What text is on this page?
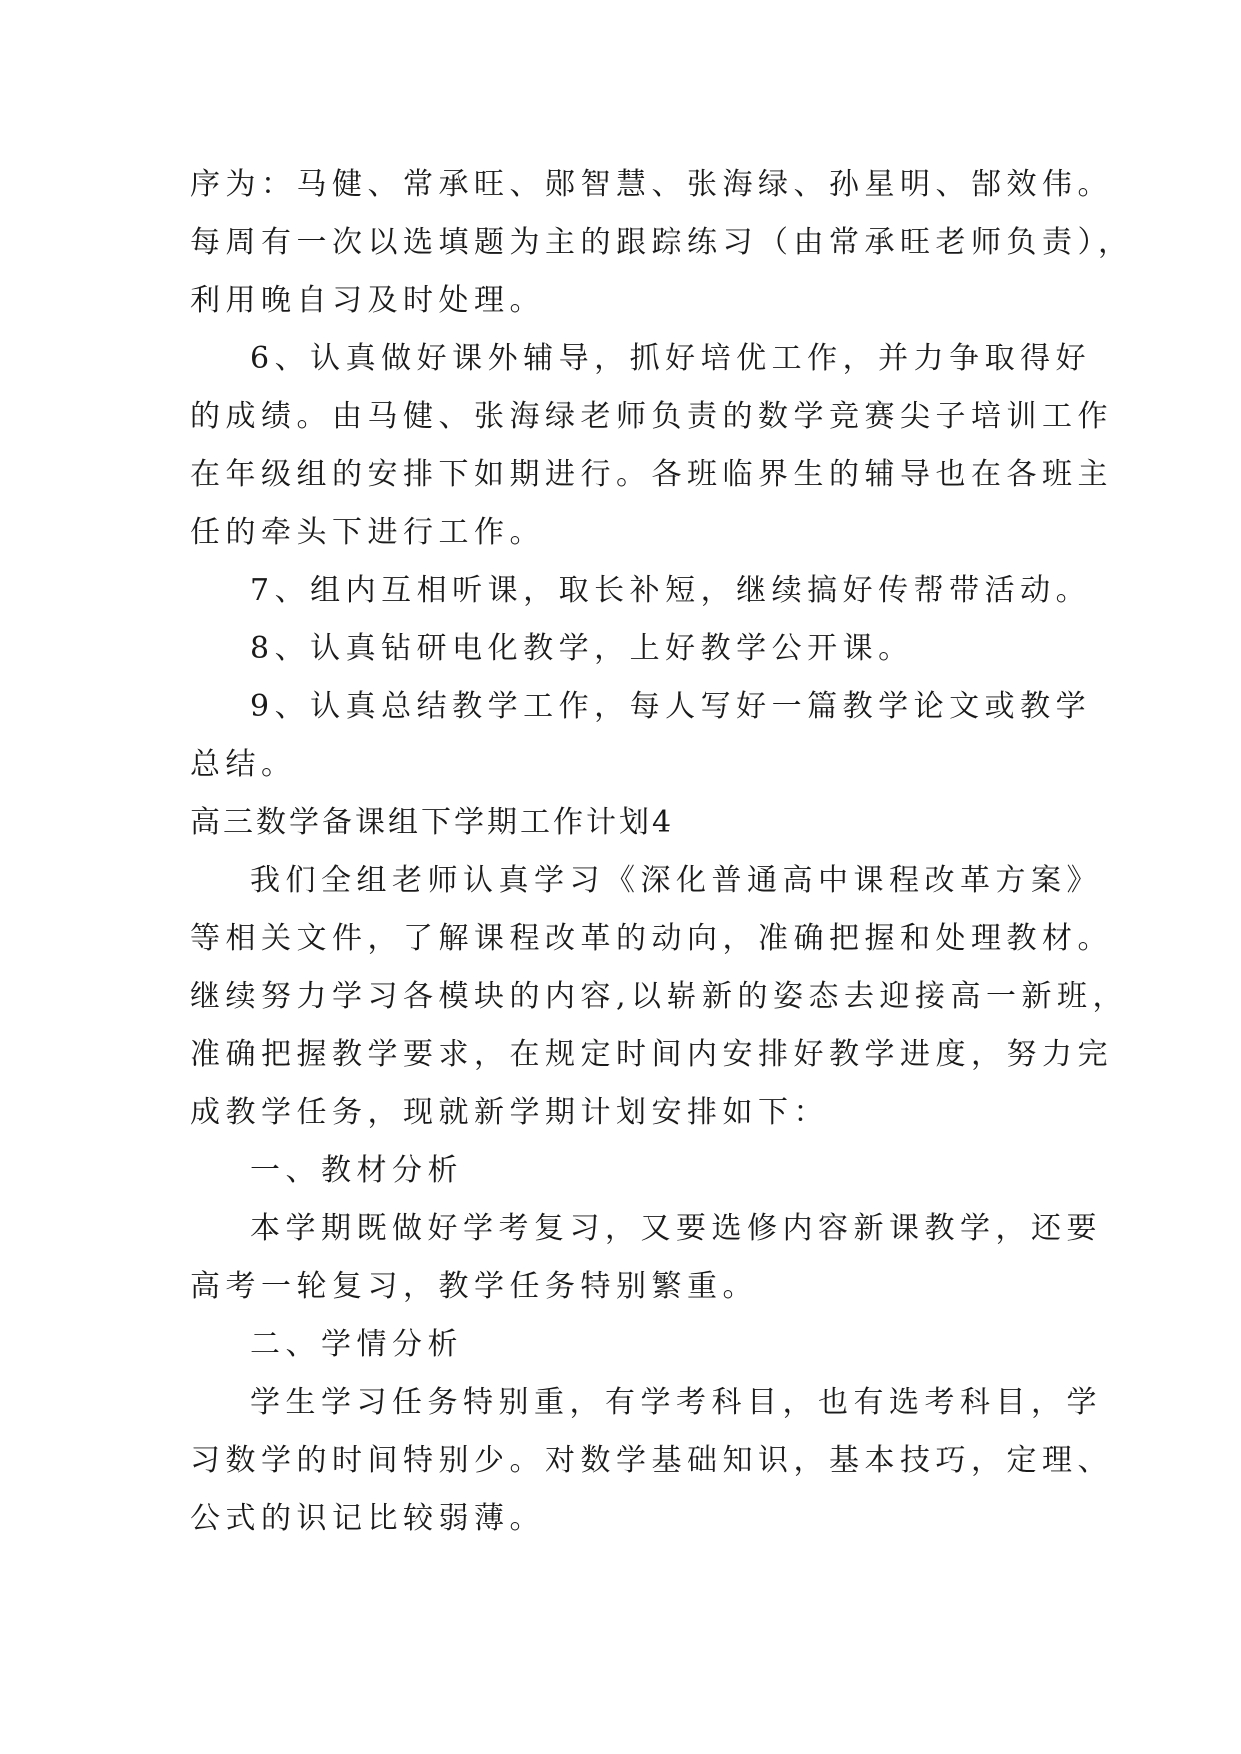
序为：马健、常承旺、郧智慧、张海绿、孙星明、郜效伟。
每周有一次以选填题为主的跟踪练习（由常承旺老师负责），
利用晚自习及时处理。
6、认真做好课外辅导，抓好培优工作，并力争取得好
的成绩。由马健、张海绿老师负责的数学竞赛尖子培训工作
在年级组的安排下如期进行。各班临界生的辅导也在各班主
任的牵头下进行工作。
7、组内互相听课，取长补短，继续搞好传帮带活动。
8、认真钻研电化教学，上好教学公开课。
9、认真总结教学工作，每人写好一篇教学论文或教学
总结。
高三数学备课组下学期工作计划4
我们全组老师认真学习《深化普通高中课程改革方案》
等相关文件，了解课程改革的动向，准确把握和处理教材。
继续努力学习各模块的内容,以崭新的姿态去迎接高一新班，
准确把握教学要求，在规定时间内安排好教学进度，努力完
成教学任务，现就新学期计划安排如下：
一、教材分析
本学期既做好学考复习，又要选修内容新课教学，还要
高考一轮复习，教学任务特别繁重。
二、学情分析
学生学习任务特别重，有学考科目，也有选考科目，学
习数学的时间特别少。对数学基础知识，基本技巧，定理、
公式的识记比较弱薄。
